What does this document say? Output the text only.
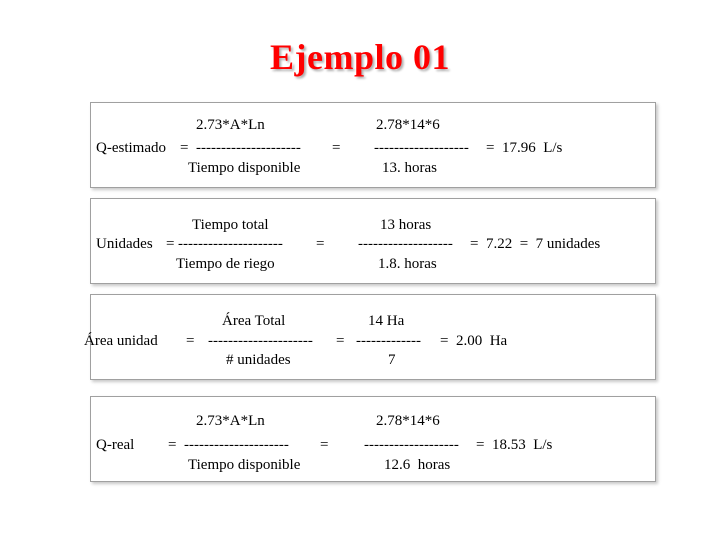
Ejemplo 01
2.73*A*Ln
Q-estimado = ---------------------
Tiempo disponible
=
2.78*14*6
------------------- =  17.96  L/s
13. horas
Tiempo total
Unidades = ---------------------
Tiempo de riego
=
13 horas
------------------- =  7.22  =  7 unidades
1.8. horas
Área Total
Área unidad = ---------------------
# unidades
=
14 Ha
------------- =  2.00  Ha
7
2.73*A*Ln
Q-real = ---------------------
Tiempo disponible
=
2.78*14*6
------------------- =  18.53  L/s
12.6  horas
